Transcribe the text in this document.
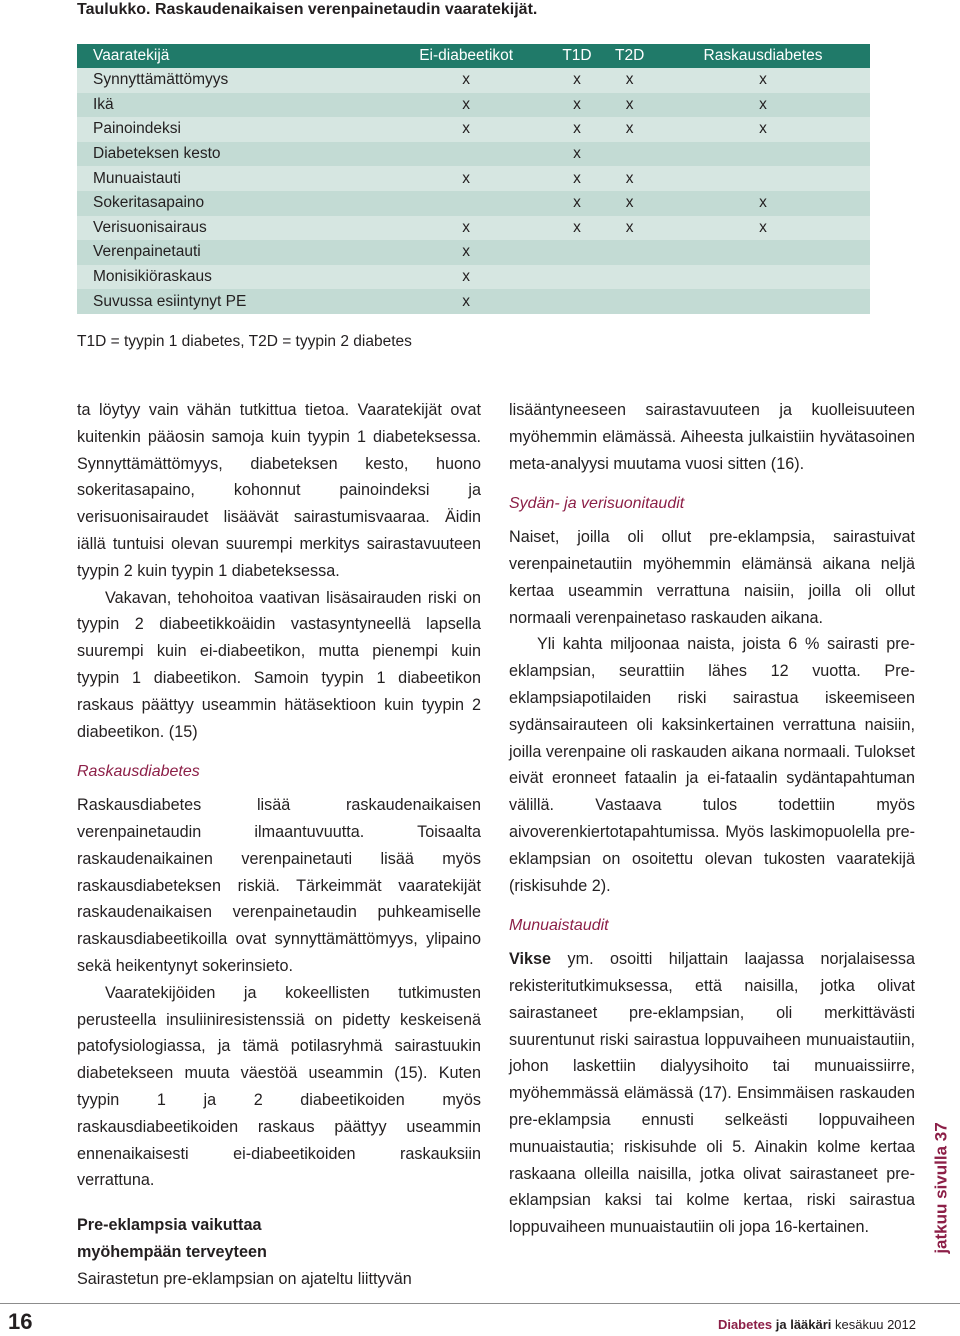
Taulukko. Raskaudenaikaisen verenpainetaudin vaaratekijät.
Vaaratekijä	Ei-diabeetikot	T1D	T2D	Raskausdiabetes
Synnyttämättömyys	x	x	x	x
Ikä	x	x	x	x
Painoindeksi	x	x	x	x
Diabeteksen kesto		x		
Munuaistauti	x	x	x	
Sokeritasapaino		x	x	x
Verisuonisairaus	x	x	x	x
Verenpainetauti	x			
Monisikiöraskaus	x			
Suvussa esiintynyt PE	x			
T1D = tyypin 1 diabetes, T2D = tyypin 2 diabetes

ta löytyy vain vähän tutkittua tietoa. Vaaratekijät ovat kuitenkin pääosin samoja kuin tyypin 1 diabeteksessa. Synnyttämättömyys, diabeteksen kesto, huono sokeritasapaino, kohonnut painoindeksi ja verisuonisairaudet lisäävät sairastumisvaaraa. Äidin iällä tuntuisi olevan suurempi merkitys sairastavuuteen tyypin 2 kuin tyypin 1 diabeteksessa.

Vakavan, tehohoitoa vaativan lisäsairauden riski on tyypin 2 diabeetikkoäidin vastasyntyneellä lapsella suurempi kuin ei-diabeetikon, mutta pienempi kuin tyypin 1 diabeetikon. Samoin tyypin 1 diabeetikon raskaus päättyy useammin hätäsektioon kuin tyypin 2 diabeetikon. (15)

Raskausdiabetes

Raskausdiabetes lisää raskaudenaikaisen verenpainetaudin ilmaantuvuutta. Toisaalta raskaudenaikainen verenpainetauti lisää myös raskausdiabeteksen riskiä. Tärkeimmät vaaratekijät raskaudenaikaisen verenpainetaudin puhkeamiselle raskausdiabeetikoilla ovat synnyttämättömyys, ylipaino sekä heikentynyt sokerinsieto.

Vaaratekijöiden ja kokeellisten tutkimusten perusteella insuliiniresistenssiä on pidetty keskeisenä patofysiologiassa, ja tämä potilasryhmä sairastuukin diabetekseen muuta väestöä useammin (15). Kuten tyypin 1 ja 2 diabeetikoiden myös raskausdiabeetikoiden raskaus päättyy useammin ennenaikaisesti ei-diabeetikoiden raskauksiin verrattuna.

Pre-eklampsia vaikuttaa
myöhempään terveyteen

Sairastetun pre-eklampsian on ajateltu liittyvän

lisääntyneeseen sairastavuuteen ja kuolleisuuteen myöhemmin elämässä. Aiheesta julkaistiin hyvätasoinen meta-analyysi muutama vuosi sitten (16).

Sydän- ja verisuonitaudit

Naiset, joilla oli ollut pre-eklampsia, sairastuivat verenpainetautiin myöhemmin elämänsä aikana neljä kertaa useammin verrattuna naisiin, joilla oli ollut normaali verenpainetaso raskauden aikana.

Yli kahta miljoonaa naista, joista 6 % sairasti pre-eklampsian, seurattiin lähes 12 vuotta. Pre-eklampsiapotilaiden riski sairastua iskeemiseen sydänsairauteen oli kaksinkertainen verrattuna naisiin, joilla verenpaine oli raskauden aikana normaali. Tulokset eivät eronneet fataalin ja ei-fataalin sydäntapahtuman välillä. Vastaava tulos todettiin myös aivoverenkiertotapahtumissa. Myös laskimopuolella pre-eklampsian on osoitettu olevan tukosten vaaratekijä (riskisuhde 2).

Munuaistaudit

Vikse ym. osoitti hiljattain laajassa norjalaisessa rekisteritutkimuksessa, että naisilla, jotka olivat sairastaneet pre-eklampsian, oli merkittävästi suurentunut riski sairastua loppuvaiheen munuaistautiin, johon laskettiin dialyysihoito tai munuaissiirre, myöhemmässä elämässä (17). Ensimmäisen raskauden pre-eklampsia ennusti selkeästi loppuvaiheen munuaistautia; riskisuhde oli 5. Ainakin kolme kertaa raskaana olleilla naisilla, jotka olivat sairastaneet pre-eklampsian kaksi tai kolme kertaa, riski sairastua loppuvaiheen munuaistautiin oli jopa 16-kertainen.	jatkuu sivulla 37
16	Diabetes ja lääkäri kesäkuu 2012
